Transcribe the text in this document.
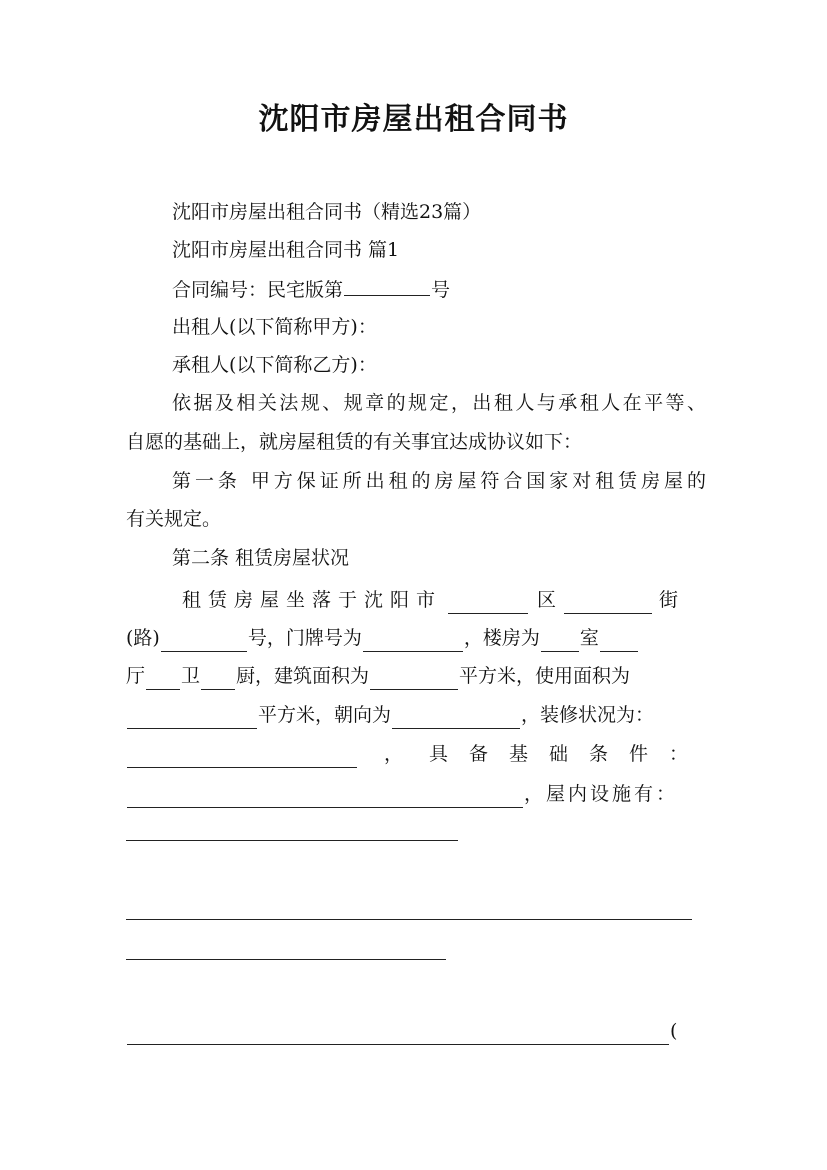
沈阳市房屋出租合同书
沈阳市房屋出租合同书（精选23篇）
沈阳市房屋出租合同书 篇1
合同编号：民宅版第	号
出租人(以下简称甲方)：
承租人(以下简称乙方)：
依据及相关法规、规章的规定，出租人与承租人在平等、
自愿的基础上，就房屋租赁的有关事宜达成协议如下：
第一条 甲方保证所出租的房屋符合国家对租赁房屋的
有关规定。
第二条 租赁房屋状况
租赁房屋坐落于沈阳市	区	街
(路)	号，门牌号为	，楼房为 室
厅 卫 厨，建筑面积为	平方米，使用面积为
平方米，朝向为	，装修状况为：
， 具备基础条件：
，屋内设施有：
(
